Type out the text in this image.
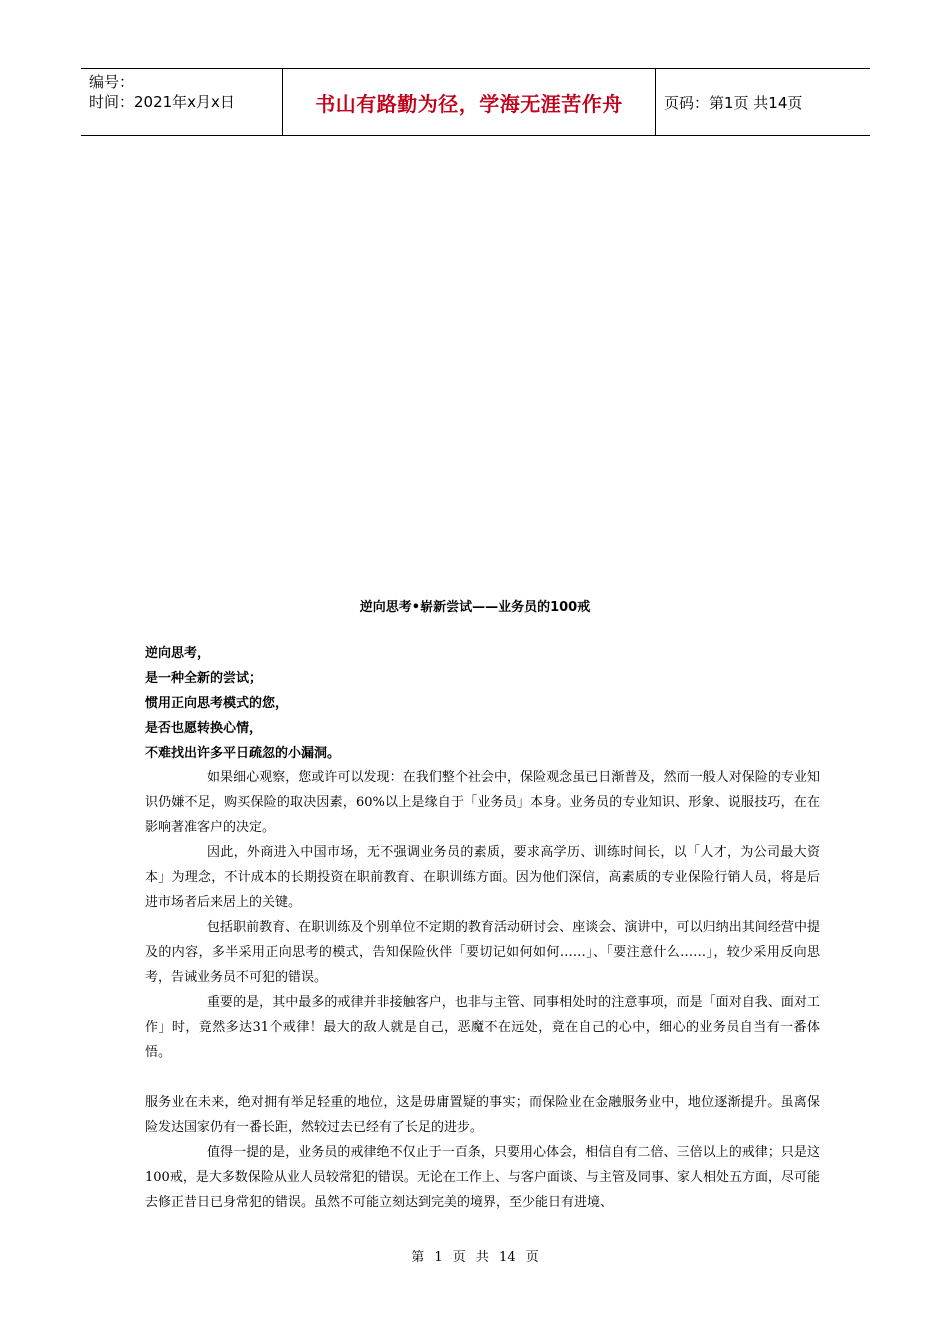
编号：
时间：2021年x月x日	书山有路勤为径，学海无涯苦作舟	页码：第1页 共14页
逆向思考•崭新尝试——业务员的100戒
逆向思考，
是一种全新的尝试；
惯用正向思考模式的您，
是否也愿转换心情，
不难找出许多平日疏忽的小漏洞。

如果细心观察，您或许可以发现：在我们整个社会中，保险观念虽已日渐普及，然而一般人对保险的专业知识仍嫌不足，购买保险的取决因素，60%以上是缘自于「业务员」本身。业务员的专业知识、形象、说服技巧，在在影响著准客户的决定。

因此，外商进入中国市场，无不强调业务员的素质，要求高学历、训练时间长，以「人才，为公司最大资本」为理念，不计成本的长期投资在职前教育、在职训练方面。因为他们深信，高素质的专业保险行销人员，将是后进市场者后来居上的关键。

包括职前教育、在职训练及个别单位不定期的教育活动研讨会、座谈会、演讲中，可以归纳出其间经营中提及的内容，多半采用正向思考的模式，告知保险伙伴「要切记如何如何……」、「要注意什么……」，较少采用反向思考，告诫业务员不可犯的错误。

重要的是，其中最多的戒律并非接触客户，也非与主管、同事相处时的注意事项，而是「面对自我、面对工作」时，竟然多达31个戒律！最大的敌人就是自己，恶魔不在远处，竟在自己的心中，细心的业务员自当有一番体悟。

服务业在未来，绝对拥有举足轻重的地位，这是毋庸置疑的事实；而保险业在金融服务业中，地位逐渐提升。虽离保险发达国家仍有一番长距，然较过去已经有了长足的进步。

值得一提的是，业务员的戒律绝不仅止于一百条，只要用心体会，相信自有二倍、三倍以上的戒律；只是这100戒，是大多数保险从业人员较常犯的错误。无论在工作上、与客户面谈、与主管及同事、家人相处五方面，尽可能去修正昔日已身常犯的错误。虽然不可能立刻达到完美的境界，至少能日有进境、

第 1 页 共 14 页
